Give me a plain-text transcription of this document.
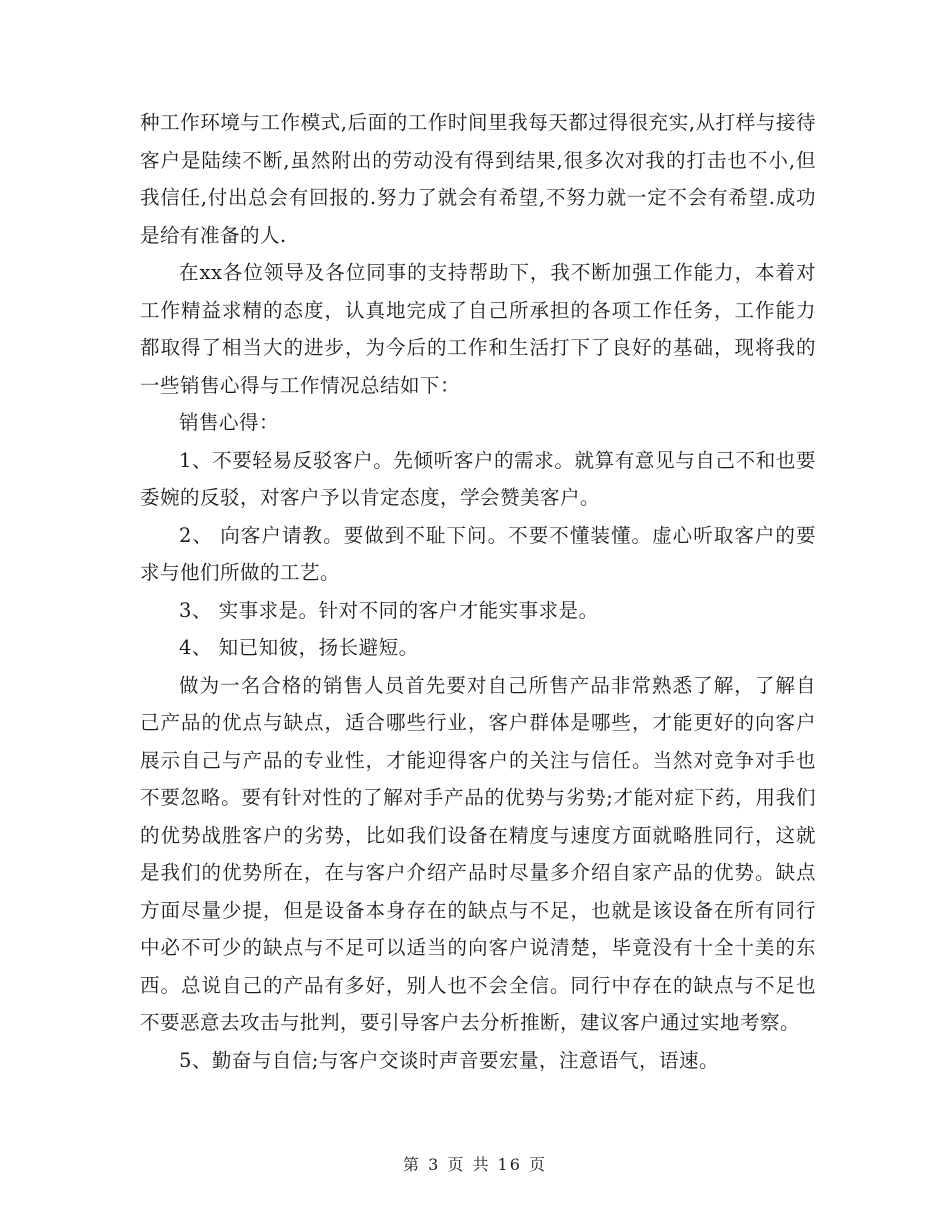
种工作环境与工作模式,后面的工作时间里我每天都过得很充实,从打样与接待客户是陆续不断,虽然附出的劳动没有得到结果,很多次对我的打击也不小,但我信任,付出总会有回报的.努力了就会有希望,不努力就一定不会有希望.成功是给有准备的人.

在xx各位领导及各位同事的支持帮助下，我不断加强工作能力，本着对工作精益求精的态度，认真地完成了自己所承担的各项工作任务，工作能力都取得了相当大的进步，为今后的工作和生活打下了良好的基础，现将我的一些销售心得与工作情况总结如下：

销售心得：

1、不要轻易反驳客户。先倾听客户的需求。就算有意见与自己不和也要委婉的反驳，对客户予以肯定态度，学会赞美客户。

2、 向客户请教。要做到不耻下问。不要不懂装懂。虚心听取客户的要求与他们所做的工艺。

3、 实事求是。针对不同的客户才能实事求是。

4、 知已知彼，扬长避短。

做为一名合格的销售人员首先要对自己所售产品非常熟悉了解，了解自己产品的优点与缺点，适合哪些行业，客户群体是哪些，才能更好的向客户展示自己与产品的专业性，才能迎得客户的关注与信任。当然对竞争对手也不要忽略。要有针对性的了解对手产品的优势与劣势;才能对症下药，用我们的优势战胜客户的劣势，比如我们设备在精度与速度方面就略胜同行，这就是我们的优势所在，在与客户介绍产品时尽量多介绍自家产品的优势。缺点方面尽量少提，但是设备本身存在的缺点与不足，也就是该设备在所有同行中必不可少的缺点与不足可以适当的向客户说清楚，毕竟没有十全十美的东西。总说自己的产品有多好，别人也不会全信。同行中存在的缺点与不足也不要恶意去攻击与批判，要引导客户去分析推断，建议客户通过实地考察。

5、勤奋与自信;与客户交谈时声音要宏量，注意语气，语速。

第 3 页 共 16 页
